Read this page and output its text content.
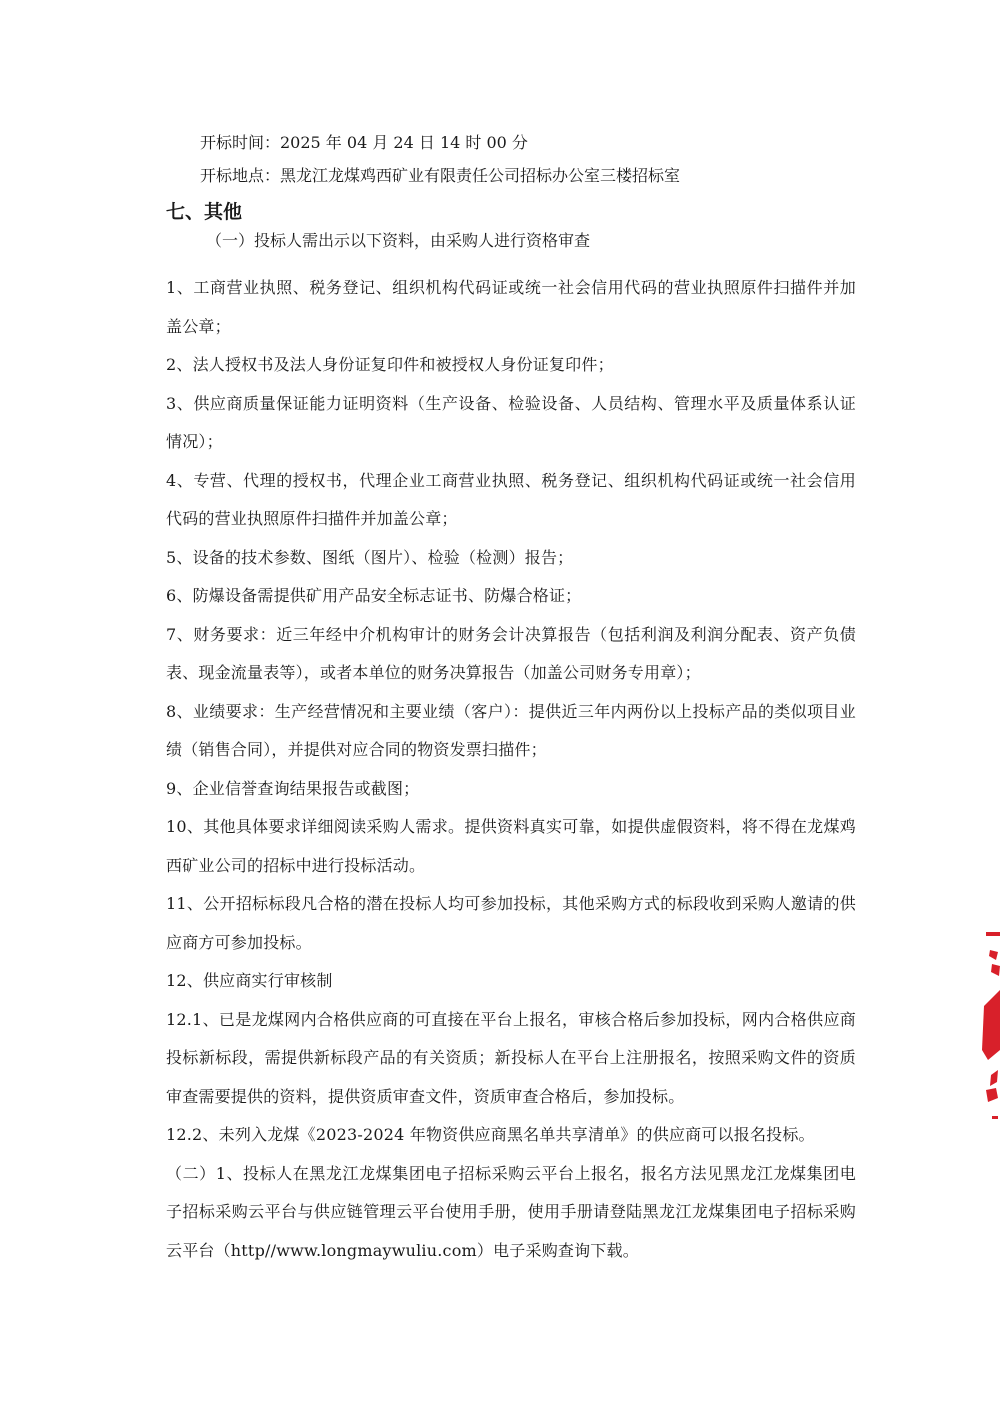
开标时间：2025 年 04 月 24 日 14 时 00 分
开标地点：黑龙江龙煤鸡西矿业有限责任公司招标办公室三楼招标室
七、其他
（一）投标人需出示以下资料，由采购人进行资格审查

1、工商营业执照、税务登记、组织机构代码证或统一社会信用代码的营业执照原件扫描件并加盖公章；

2、法人授权书及法人身份证复印件和被授权人身份证复印件；

3、供应商质量保证能力证明资料（生产设备、检验设备、人员结构、管理水平及质量体系认证情况）；

4、专营、代理的授权书，代理企业工商营业执照、税务登记、组织机构代码证或统一社会信用代码的营业执照原件扫描件并加盖公章；

5、设备的技术参数、图纸（图片）、检验（检测）报告；

6、防爆设备需提供矿用产品安全标志证书、防爆合格证；

7、财务要求：近三年经中介机构审计的财务会计决算报告（包括利润及利润分配表、资产负债表、现金流量表等），或者本单位的财务决算报告（加盖公司财务专用章）；

8、业绩要求：生产经营情况和主要业绩（客户）：提供近三年内两份以上投标产品的类似项目业绩（销售合同），并提供对应合同的物资发票扫描件；

9、企业信誉查询结果报告或截图；

10、其他具体要求详细阅读采购人需求。提供资料真实可靠，如提供虚假资料，将不得在龙煤鸡西矿业公司的招标中进行投标活动。

11、公开招标标段凡合格的潜在投标人均可参加投标，其他采购方式的标段收到采购人邀请的供应商方可参加投标。

12、供应商实行审核制

12.1、已是龙煤网内合格供应商的可直接在平台上报名，审核合格后参加投标，网内合格供应商投标新标段，需提供新标段产品的有关资质；新投标人在平台上注册报名，按照采购文件的资质审查需要提供的资料，提供资质审查文件，资质审查合格后，参加投标。

12.2、未列入龙煤《2023-2024 年物资供应商黑名单共享清单》的供应商可以报名投标。

（二）1、投标人在黑龙江龙煤集团电子招标采购云平台上报名，报名方法见黑龙江龙煤集团电子招标采购云平台与供应链管理云平台使用手册，使用手册请登陆黑龙江龙煤集团电子招标采购云平台（http//www.longmaywuliu.com）电子采购查询下载。
